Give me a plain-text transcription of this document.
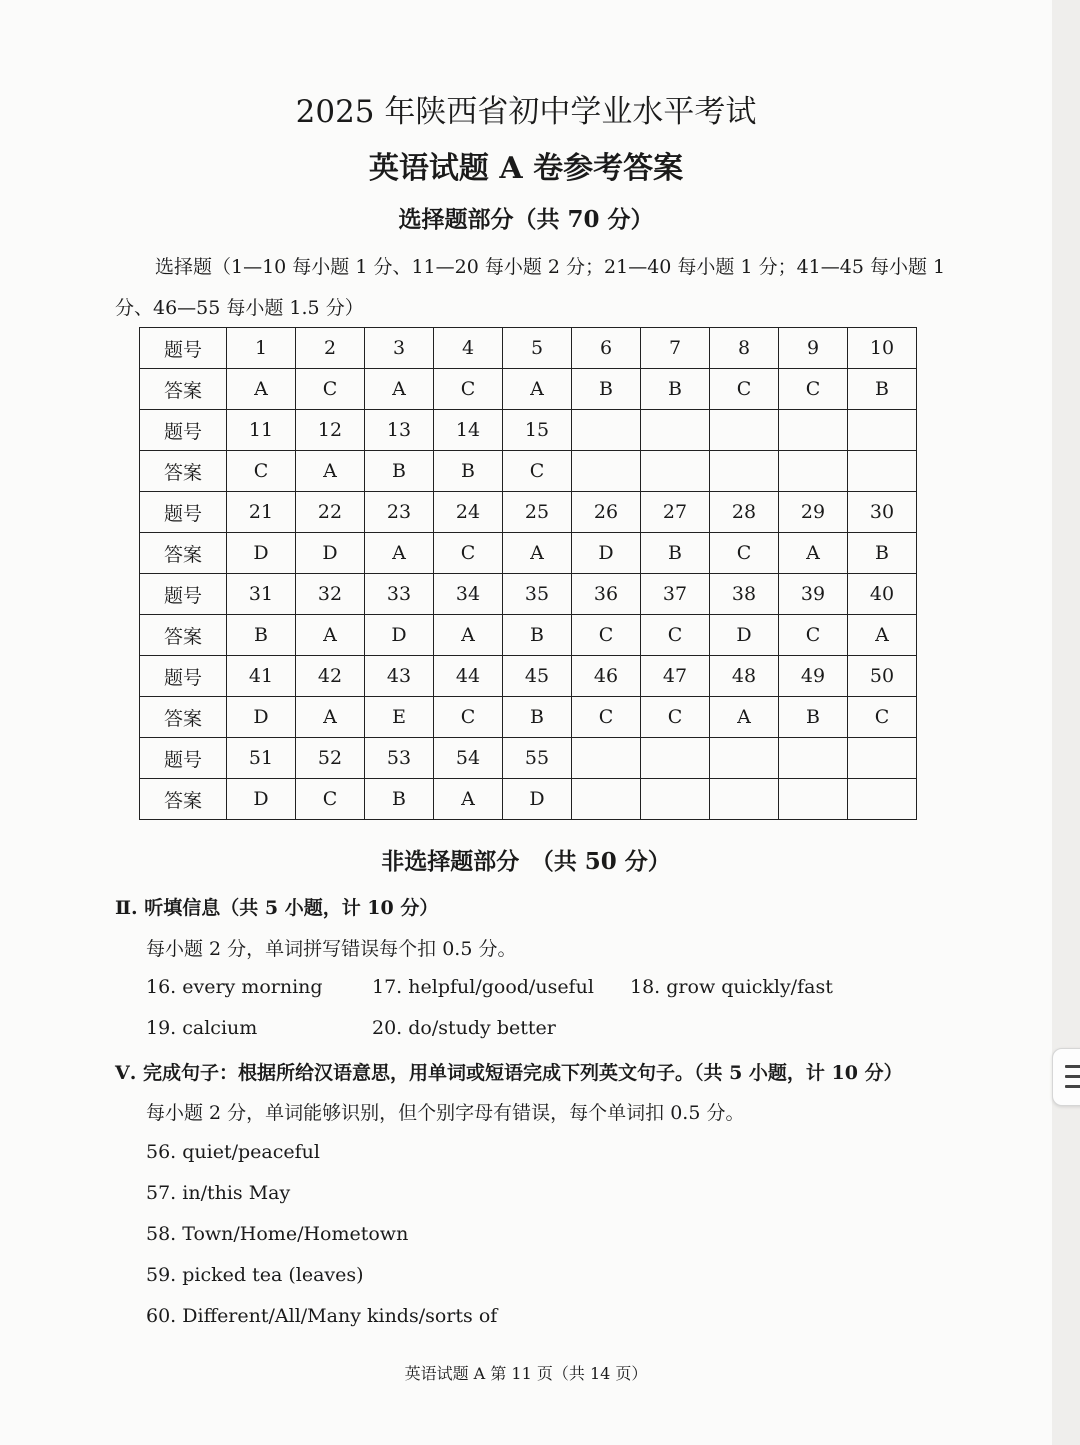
2025 年陕西省初中学业水平考试
英语试题 A 卷参考答案
选择题部分（共 70 分）
选择题（1—10 每小题 1 分、11—20 每小题 2 分；21—40 每小题 1 分；41—45 每小题 1
分、46—55 每小题 1.5 分）
题号	1	2	3	4	5	6	7	8	9	10
答案	A	C	A	C	A	B	B	C	C	B
题号	11	12	13	14	15					
答案	C	A	B	B	C					
题号	21	22	23	24	25	26	27	28	29	30
答案	D	D	A	C	A	D	B	C	A	B
题号	31	32	33	34	35	36	37	38	39	40
答案	B	A	D	A	B	C	C	D	C	A
题号	41	42	43	44	45	46	47	48	49	50
答案	D	A	E	C	B	C	C	A	B	C
题号	51	52	53	54	55					
答案	D	C	B	A	D					
非选择题部分　（共 50 分）
Ⅱ. 听填信息（共 5 小题，计 10 分）
每小题 2 分，单词拼写错误每个扣 0.5 分。
16. every morning	17. helpful/good/useful 18. grow quickly/fast
19. calcium	20. do/study better
Ⅴ. 完成句子：根据所给汉语意思，用单词或短语完成下列英文句子。（共 5 小题，计 10 分）
每小题 2 分，单词能够识别，但个别字母有错误，每个单词扣 0.5 分。
56. quiet/peaceful
57. in/this May
58. Town/Home/Hometown
59. picked tea (leaves)
60. Different/All/Many kinds/sorts of
英语试题 A 第 11 页（共 14 页）
